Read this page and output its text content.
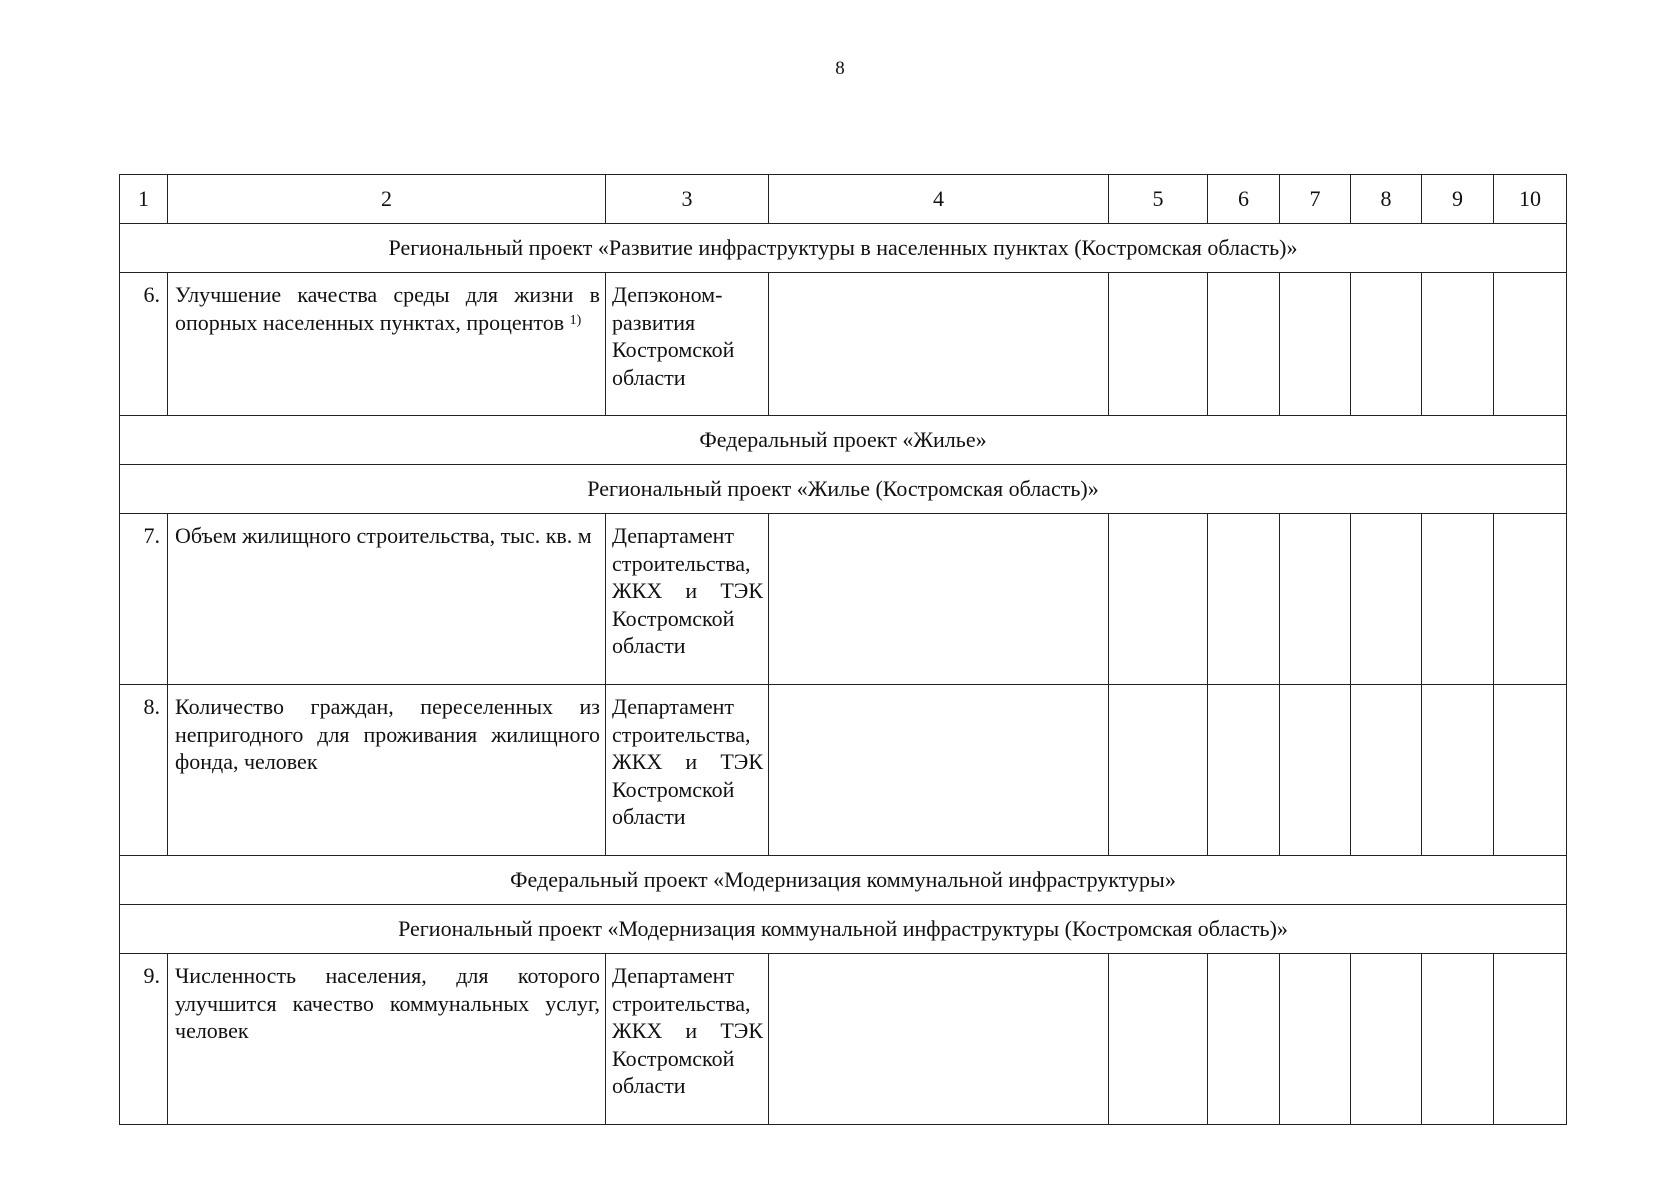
8
1	2	3	4	5	6	7	8	9	10
Региональный проект «Развитие инфраструктуры в населенных пунктах (Костромская область)»									
6.	Улучшение качества среды для жизни в опорных населенных пунктах, процентов $^{1)}$	Депэконом-развития Костромской области							
Федеральный проект «Жилье»									
Региональный проект «Жилье (Костромская область)»									
7.	Объем жилищного строительства, тыс. кв. м	Департамент строительства, ЖКХ и ТЭК Костромской области							
8.	Количество граждан, переселенных из непригодного для проживания жилищного фонда, человек	Департамент строительства, ЖКХ и ТЭК Костромской области							
Федеральный проект «Модернизация коммунальной инфраструктуры»									
Региональный проект «Модернизация коммунальной инфраструктуры (Костромская область)»									
9.	Численность населения, для которого улучшится качество коммунальных услуг, человек	Департамент строительства, ЖКХ и ТЭК Костромской области							
